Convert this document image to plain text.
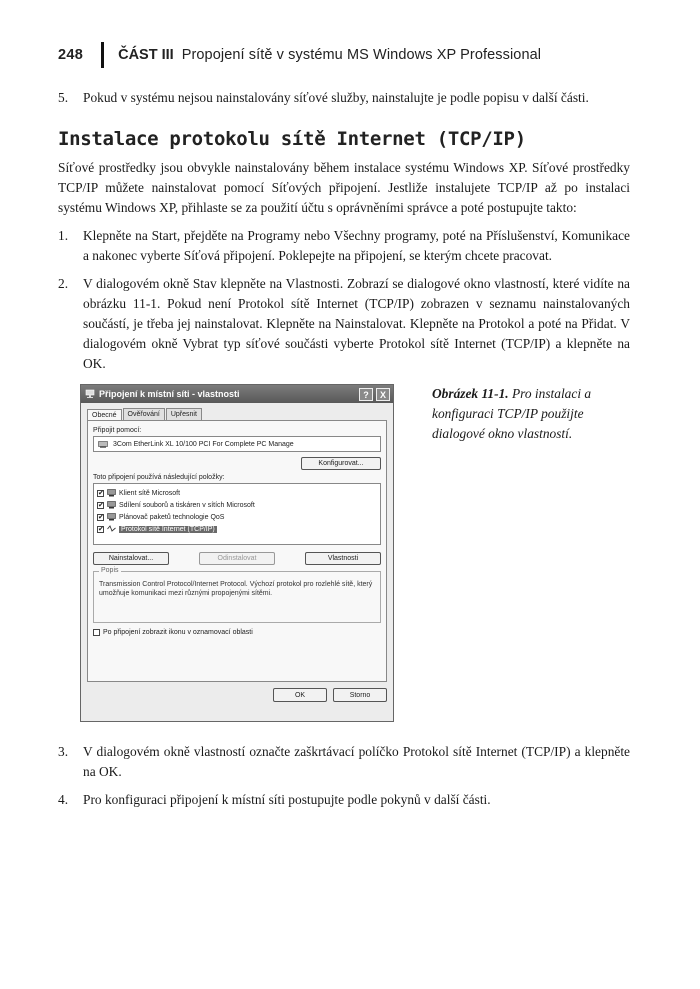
248 ČÁST III Propojení sítě v systému MS Windows XP Professional
5. Pokud v systému nejsou nainstalovány síťové služby, nainstalujte je podle popisu v další části.
Instalace protokolu sítě Internet (TCP/IP)

Síťové prostředky jsou obvykle nainstalovány během instalace systému Windows XP. Síťové prostředky TCP/IP můžete nainstalovat pomocí Síťových připojení. Jestliže instalujete TCP/IP až po instalaci systému Windows XP, přihlaste se za použití účtu s oprávněními správce a poté postupujte takto:

1. Klepněte na Start, přejděte na Programy nebo Všechny programy, poté na Příslušenství, Komunikace a nakonec vyberte Síťová připojení. Poklepejte na připojení, se kterým chcete pracovat.
2. V dialogovém okně Stav klepněte na Vlastnosti. Zobrazí se dialogové okno vlastností, které vidíte na obrázku 11-1. Pokud není Protokol sítě Internet (TCP/IP) zobrazen v seznamu nainstalovaných součástí, je třeba jej nainstalovat. Klepněte na Nainstalovat. Klepněte na Protokol a poté na Přidat. V dialogovém okně Vybrat typ síťové součásti vyberte Protokol sítě Internet (TCP/IP) a klepněte na OK.
Připojení k místní síti - vlastnosti	?	X
Obecné	Ověřování	Upřesnit
Připojit pomocí:
3Com EtherLink XL 10/100 PCI For Complete PC Manage
Konfigurovat...
Toto připojení používá následující položky:
✔ Klient sítě Microsoft
✔ Sdílení souborů a tiskáren v sítích Microsoft
✔ Plánovač paketů technologie QoS
✔ Protokol sítě Internet (TCP/IP)
Nainstalovat...	Odinstalovat	Vlastnosti
Popis
Transmission Control Protocol/Internet Protocol. Výchozí protokol pro rozlehlé sítě, který umožňuje komunikaci mezi různými propojenými sítěmi.
Po připojení zobrazit ikonu v oznamovací oblasti
OK	Storno
Obrázek 11-1. Pro instalaci a konfiguraci TCP/IP použijte dialogové okno vlastností.
3. V dialogovém okně vlastností označte zaškrtávací políčko Protokol sítě Internet (TCP/IP) a klepněte na OK.
4. Pro konfiguraci připojení k místní síti postupujte podle pokynů v další části.
